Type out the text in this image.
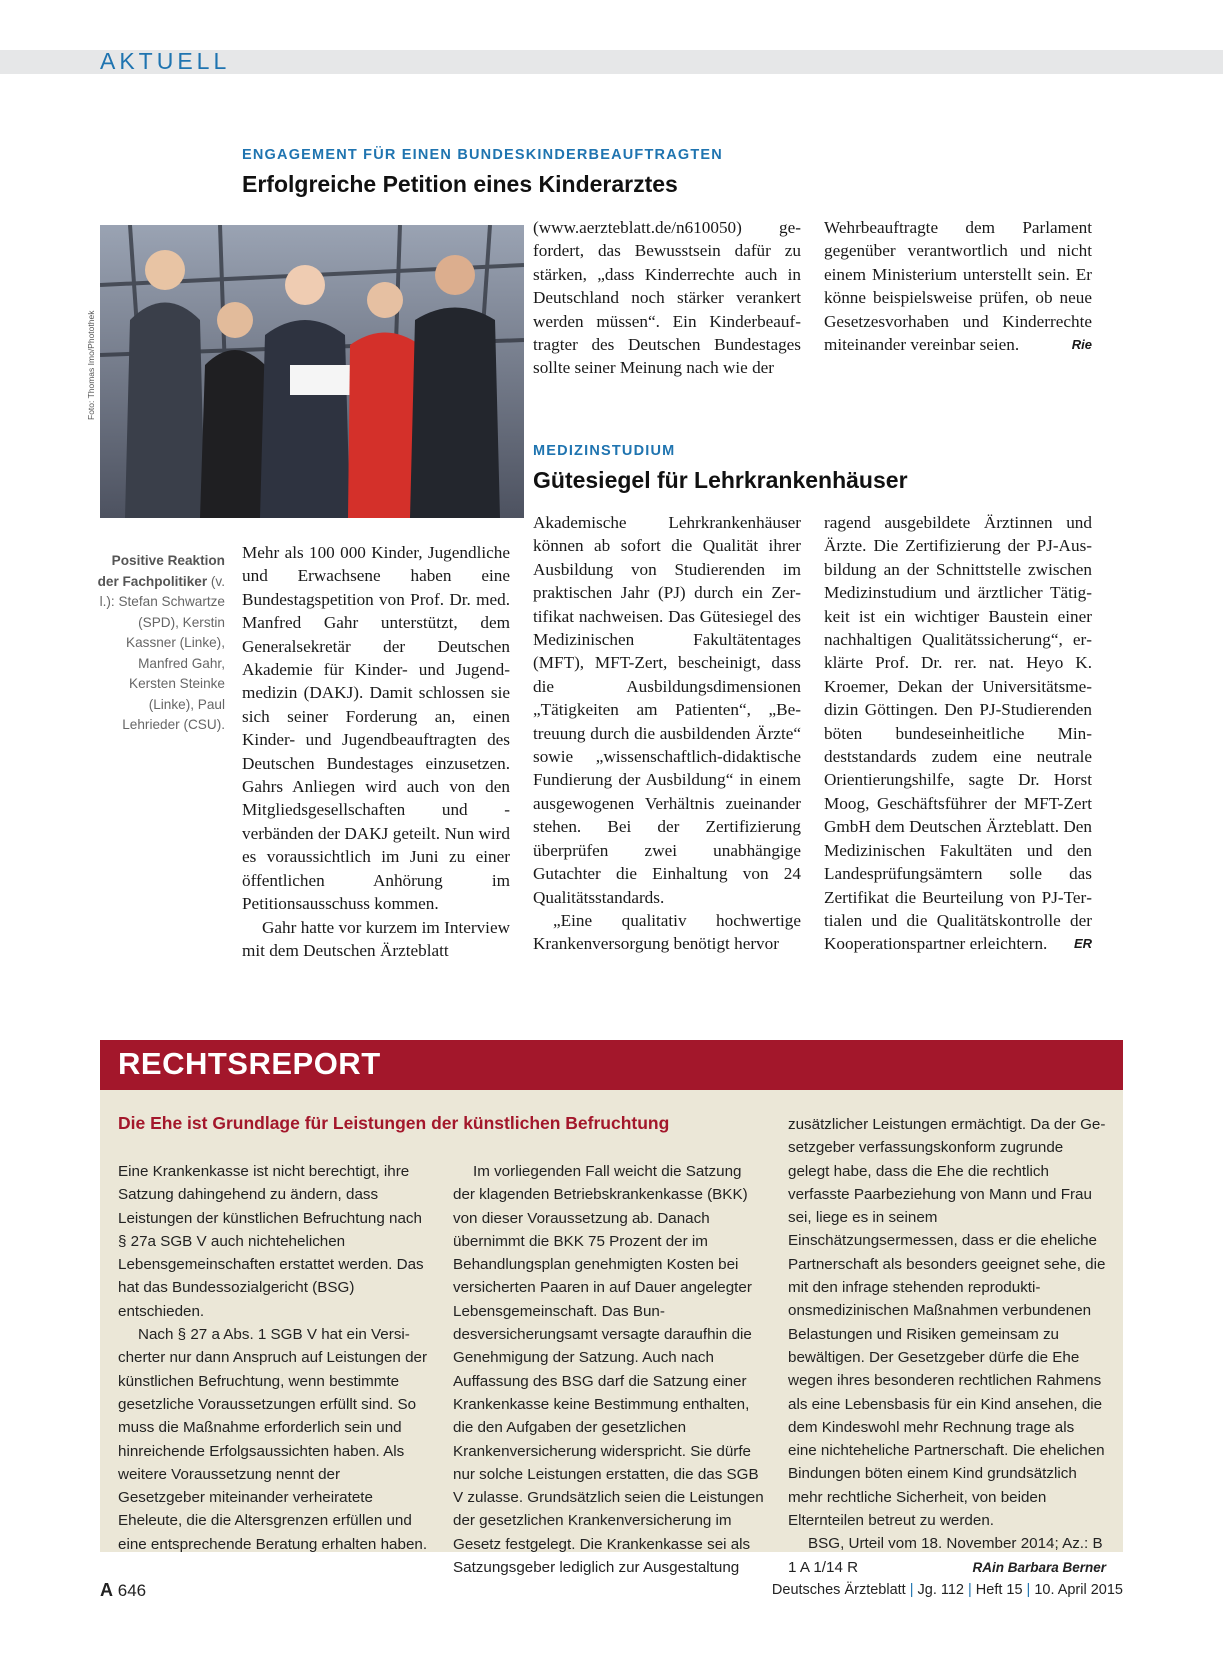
AKTUELL
ENGAGEMENT FÜR EINEN BUNDESKINDERBEAUFTRAGTEN
Erfolgreiche Petition eines Kinderarztes
Foto: Thomas Imo/Photothek
Positive Reaktion der Fachpolitiker (v. l.): Stefan Schwartze (SPD), Kerstin Kassner (Linke), Manfred Gahr, Kersten Steinke (Linke), Paul Lehrieder (CSU).

Mehr als 100 000 Kinder, Jugendliche und Erwachsene haben eine Bundestagspetition von Prof. Dr. med. Manfred Gahr unterstützt, dem Generalsekretär der Deutschen Akademie für Kinder- und Jugendmedizin (DAKJ). Damit schlossen sie sich seiner Forderung an, einen Kinder- und Jugendbeauftragten des Deutschen Bundestages einzusetzen. Gahrs Anliegen wird auch von den Mitgliedsgesellschaften und -verbänden der DAKJ geteilt. Nun wird es voraussichtlich im Juni zu einer öffentlichen Anhörung im Petitionsausschuss kommen.

Gahr hatte vor kurzem im Interview mit dem Deutschen Ärzteblatt

(www.aerzteblatt.de/n610050) gefordert, das Bewusstsein dafür zu stärken, „dass Kinderrechte auch in Deutschland noch stärker verankert werden müssen“. Ein Kinderbeauftragter des Deutschen Bundestages sollte seiner Meinung nach wie der

Wehrbeauftragte dem Parlament gegenüber verantwortlich und nicht einem Ministerium unterstellt sein. Er könne beispielsweise prüfen, ob neue Gesetzesvorhaben und Kinderrechte miteinander vereinbar seien.	Rie

MEDIZINSTUDIUM
Gütesiegel für Lehrkrankenhäuser

Akademische Lehrkrankenhäuser können ab sofort die Qualität ihrer Ausbildung von Studierenden im praktischen Jahr (PJ) durch ein Zertifikat nachweisen. Das Gütesiegel des Medizinischen Fakultätentages (MFT), MFT-Zert, bescheinigt, dass die Ausbildungsdimensionen „Tätigkeiten am Patienten“, „Betreuung durch die ausbildenden Ärzte“ sowie „wissenschaftlich-didaktische Fundierung der Ausbildung“ in einem ausgewogenen Verhältnis zueinander stehen. Bei der Zertifizierung überprüfen zwei unabhängige Gutachter die Einhaltung von 24 Qualitätsstandards.

„Eine qualitativ hochwertige Krankenversorgung benötigt hervor

ragend ausgebildete Ärztinnen und Ärzte. Die Zertifizierung der PJ-Ausbildung an der Schnittstelle zwischen Medizinstudium und ärztlicher Tätigkeit ist ein wichtiger Baustein einer nachhaltigen Qualitätssicherung“, erklärte Prof. Dr. rer. nat. Heyo K. Kroemer, Dekan der Universitätsmedizin Göttingen. Den PJ-Studierenden böten bundeseinheitliche Mindeststandards zudem eine neutrale Orientierungshilfe, sagte Dr. Horst Moog, Geschäftsführer der MFT-Zert GmbH dem Deutschen Ärzteblatt. Den Medizinischen Fakultäten und den Landesprüfungsämtern solle das Zertifikat die Beurteilung von PJ-Tertialen und die Qualitätskontrolle der Kooperationspartner erleichtern. ER

RECHTSREPORT
Die Ehe ist Grundlage für Leistungen der künstlichen Befruchtung

Eine Krankenkasse ist nicht berechtigt, ihre Satzung dahingehend zu ändern, dass Leistungen der künstlichen Befruchtung nach § 27a SGB V auch nichtehelichen Lebensgemeinschaften erstattet werden. Das hat das Bundessozialgericht (BSG) entschieden.

Nach § 27 a Abs. 1 SGB V hat ein Versicherter nur dann Anspruch auf Leistungen der künstlichen Befruchtung, wenn bestimmte gesetzliche Voraussetzungen erfüllt sind. So muss die Maßnahme erforderlich sein und hinreichende Erfolgsaussichten haben. Als weitere Voraussetzung nennt der Gesetzgeber miteinander verheiratete Eheleute, die die Altersgrenzen erfüllen und eine entsprechende Beratung erhalten haben.

Im vorliegenden Fall weicht die Satzung der klagenden Betriebskrankenkasse (BKK) von dieser Voraussetzung ab. Danach übernimmt die BKK 75 Prozent der im Behandlungsplan genehmigten Kosten bei versicherten Paaren in auf Dauer angelegter Lebensgemeinschaft. Das Bundesversicherungsamt versagte daraufhin die Genehmigung der Satzung. Auch nach Auffassung des BSG darf die Satzung einer Krankenkasse keine Bestimmung enthalten, die den Aufgaben der gesetzlichen Krankenversicherung widerspricht. Sie dürfe nur solche Leistungen erstatten, die das SGB V zulasse. Grundsätzlich seien die Leistungen der gesetzlichen Krankenversicherung im Gesetz festgelegt. Die Krankenkasse sei als Satzungsgeber lediglich zur Ausgestaltung

zusätzlicher Leistungen ermächtigt. Da der Gesetzgeber verfassungskonform zugrunde gelegt habe, dass die Ehe die rechtlich verfasste Paarbeziehung von Mann und Frau sei, liege es in seinem Einschätzungsermessen, dass er die eheliche Partnerschaft als besonders geeignet sehe, die mit den infrage stehenden reproduktionsmedizinischen Maßnahmen verbundenen Belastungen und Risiken gemeinsam zu bewältigen. Der Gesetzgeber dürfe die Ehe wegen ihres besonderen rechtlichen Rahmens als eine Lebensbasis für ein Kind ansehen, die dem Kindeswohl mehr Rechnung trage als eine nichteheliche Partnerschaft. Die ehelichen Bindungen böten einem Kind grundsätzlich mehr rechtliche Sicherheit, von beiden Elternteilen betreut zu werden.

BSG, Urteil vom 18. November 2014; Az.: B 1 A 1/14 R	RAin Barbara Berner

A 646	Deutsches Ärzteblatt | Jg. 112 | Heft 15 | 10. April 2015
